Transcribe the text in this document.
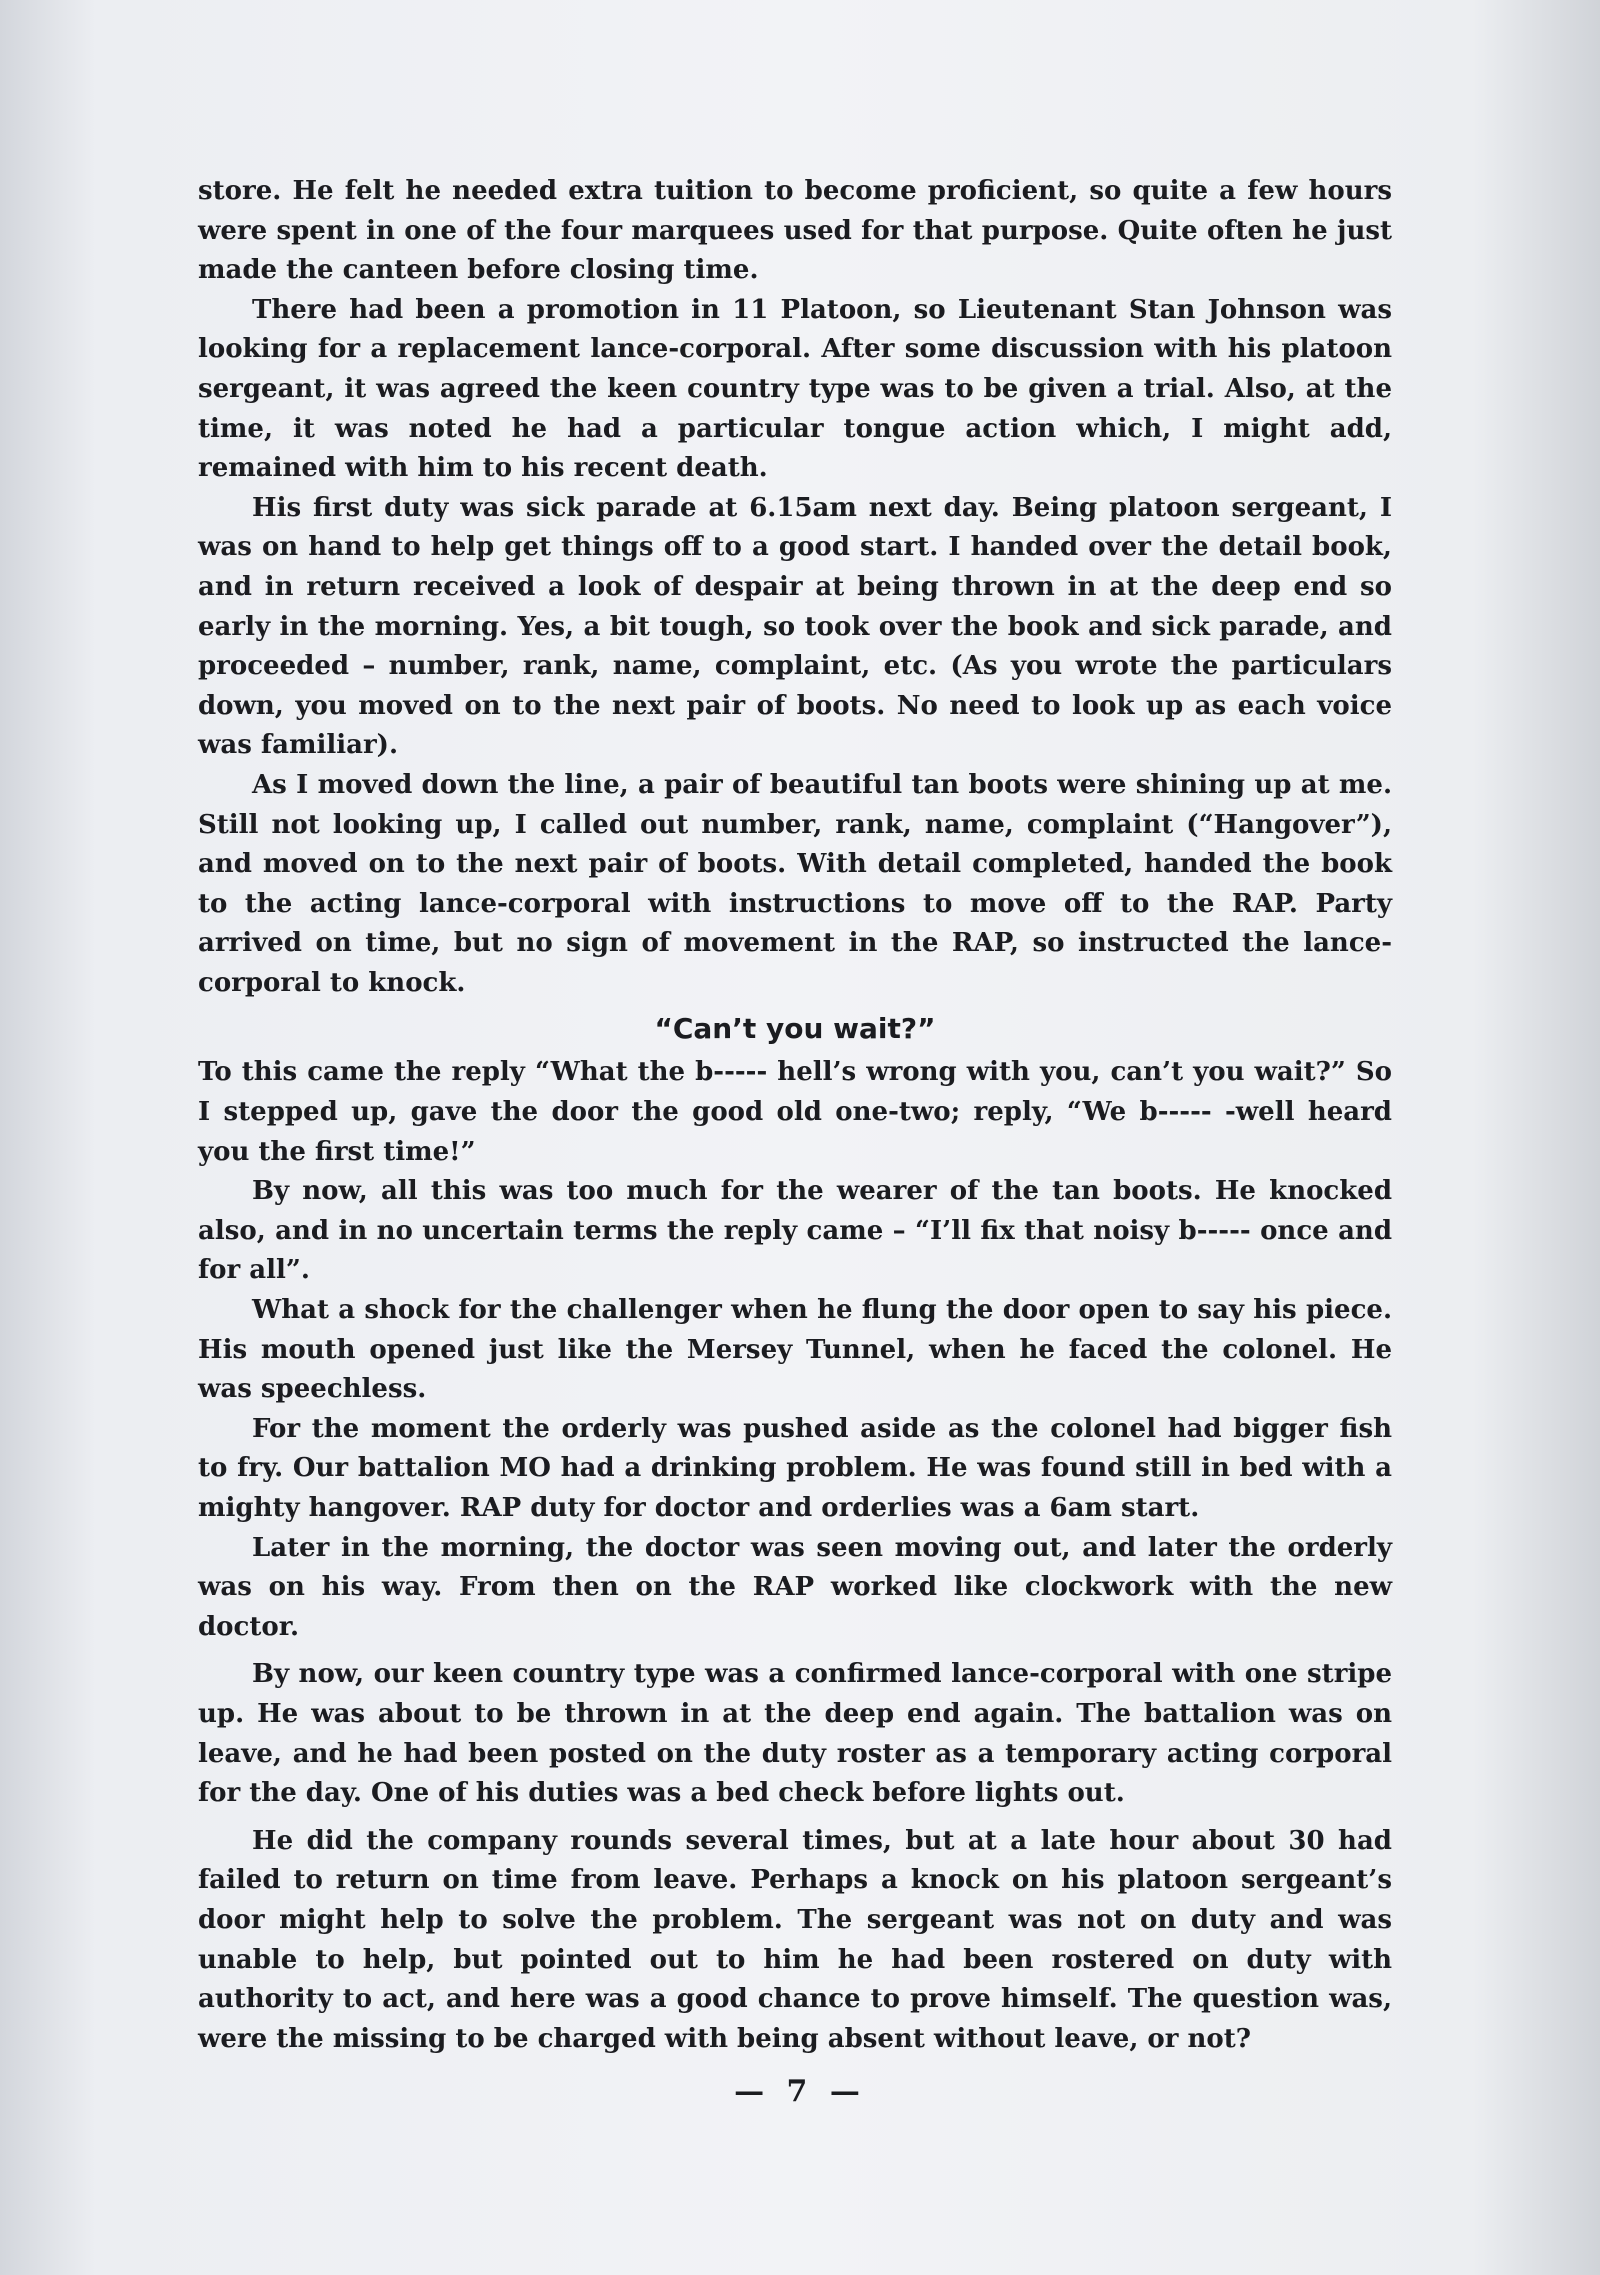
store. He felt he needed extra tuition to become proficient, so quite a few hours were spent in one of the four marquees used for that purpose. Quite often he just made the canteen before closing time.

There had been a promotion in 11 Platoon, so Lieutenant Stan Johnson was looking for a replacement lance-corporal. After some discussion with his platoon sergeant, it was agreed the keen country type was to be given a trial. Also, at the time, it was noted he had a particular tongue action which, I might add, remained with him to his recent death.

His first duty was sick parade at 6.15am next day. Being platoon sergeant, I was on hand to help get things off to a good start. I handed over the detail book, and in return received a look of despair at being thrown in at the deep end so early in the morning. Yes, a bit tough, so took over the book and sick parade, and proceeded – number, rank, name, complaint, etc. (As you wrote the particulars down, you moved on to the next pair of boots. No need to look up as each voice was familiar).

As I moved down the line, a pair of beautiful tan boots were shining up at me. Still not looking up, I called out number, rank, name, complaint (“Hangover”), and moved on to the next pair of boots. With detail completed, handed the book to the acting lance-corporal with instructions to move off to the RAP. Party arrived on time, but no sign of movement in the RAP, so instructed the lance-corporal to knock.

“Can’t you wait?”

To this came the reply “What the b----- hell’s wrong with you, can’t you wait?” So I stepped up, gave the door the good old one-two; reply, “We b----- -well heard you the first time!”

By now, all this was too much for the wearer of the tan boots. He knocked also, and in no uncertain terms the reply came – “I’ll fix that noisy b----- once and for all”.

What a shock for the challenger when he flung the door open to say his piece. His mouth opened just like the Mersey Tunnel, when he faced the colonel. He was speechless.

For the moment the orderly was pushed aside as the colonel had bigger fish to fry. Our battalion MO had a drinking problem. He was found still in bed with a mighty hangover. RAP duty for doctor and orderlies was a 6am start.

Later in the morning, the doctor was seen moving out, and later the orderly was on his way. From then on the RAP worked like clockwork with the new doctor.

By now, our keen country type was a confirmed lance-corporal with one stripe up. He was about to be thrown in at the deep end again. The battalion was on leave, and he had been posted on the duty roster as a temporary acting corporal for the day. One of his duties was a bed check before lights out.

He did the company rounds several times, but at a late hour about 30 had failed to return on time from leave. Perhaps a knock on his platoon sergeant’s door might help to solve the problem. The sergeant was not on duty and was unable to help, but pointed out to him he had been rostered on duty with authority to act, and here was a good chance to prove himself. The question was, were the missing to be charged with being absent without leave, or not?

— 7 —
